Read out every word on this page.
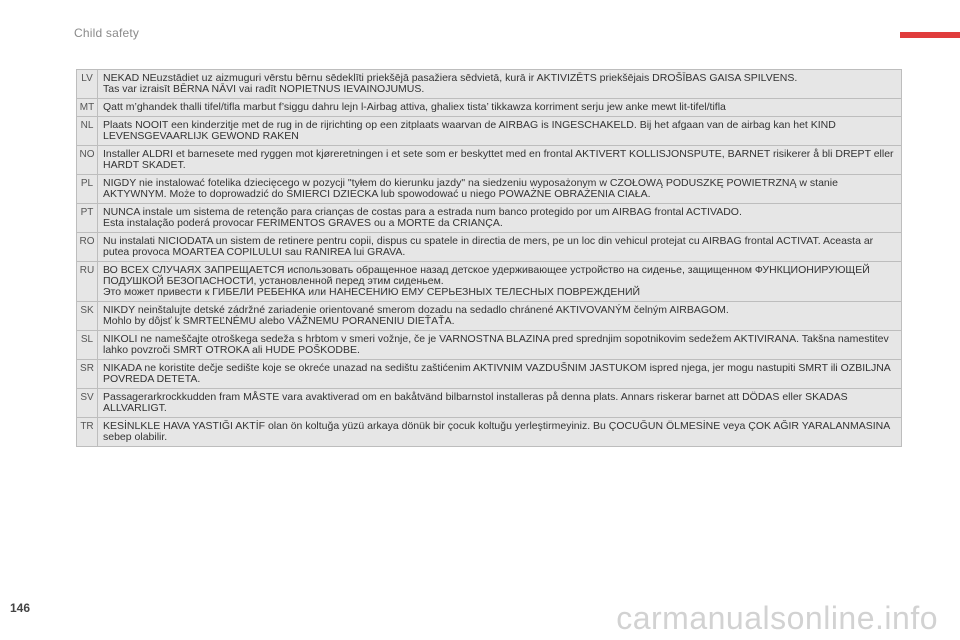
Child safety
LV	NEKAD NEuzstādiet uz aizmuguri vērstu bērnu sēdeklīti priekšējā pasažiera sēdvietā, kurā ir AKTIVIZĒTS priekšējais DROŠĪBAS GAISA SPILVENS.
Tas var izraisīt BĒRNA NĀVI vai radīt NOPIETNUS IEVAINOJUMUS.

MT	Qatt m’ghandek thalli tifel/tifla marbut f’siggu dahru lejn l-Airbag attiva, ghaliex tista’ tikkawza korriment serju jew anke mewt lit-tifel/tifla

NL	Plaats NOOIT een kinderzitje met de rug in de rijrichting op een zitplaats waarvan de AIRBAG is INGESCHAKELD. Bij het afgaan van de airbag kan het KIND LEVENSGEVAARLIJK GEWOND RAKEN

NO	Installer ALDRI et barnesete med ryggen mot kjøreretningen i et sete som er beskyttet med en frontal AKTIVERT KOLLISJONSPUTE, BARNET risikerer å bli DREPT eller HARDT SKADET.

PL	NIGDY nie instalować fotelika dziecięcego w pozycji "tyłem do kierunku jazdy" na siedzeniu wyposażonym w CZOŁOWĄ PODUSZKĘ POWIETRZNĄ w stanie AKTYWNYM. Może to doprowadzić do ŚMIERCI DZIECKA lub spowodować u niego POWAŻNE OBRAŻENIA CIAŁA.

PT	NUNCA instale um sistema de retenção para crianças de costas para a estrada num banco protegido por um AIRBAG frontal ACTIVADO.
Esta instalação poderá provocar FERIMENTOS GRAVES ou a MORTE da CRIANÇA.

RO	Nu instalati NICIODATA un sistem de retinere pentru copii, dispus cu spatele in directia de mers, pe un loc din vehicul protejat cu AIRBAG frontal ACTIVAT. Aceasta ar putea provoca MOARTEA COPILULUI sau RANIREA lui GRAVA.

RU	ВО ВСЕХ СЛУЧАЯХ ЗАПРЕЩАЕТСЯ использовать обращенное назад детское удерживающее устройство на сиденье, защищенном ФУНКЦИОНИРУЮЩЕЙ ПОДУШКОЙ БЕЗОПАСНОСТИ, установленной перед этим сиденьем.
Это может привести к ГИБЕЛИ РЕБЕНКА или НАНЕСЕНИЮ ЕМУ СЕРЬЕЗНЫХ ТЕЛЕСНЫХ ПОВРЕЖДЕНИЙ

SK	NIKDY neinštalujte detské zádržné zariadenie orientované smerom dozadu na sedadlo chránené AKTIVOVANÝM čelným AIRBAGOM.
Mohlo by dôjsť k SMRTEĽNÉMU alebo VÁŽNEMU PORANENIU DIEŤAŤA.

SL	NIKOLI ne nameščajte otroškega sedeža s hrbtom v smeri vožnje, če je VARNOSTNA BLAZINA pred sprednjim sopotnikovim sedežem AKTIVIRANA. Takšna namestitev lahko povzroči SMRT OTROKA ali HUDE POŠKODBE.

SR	NIKADA ne koristite dečje sedište koje se okreće unazad na sedištu zaštićenim AKTIVNIM VAZDUŠNIM JASTUKOM ispred njega, jer mogu nastupiti SMRT ili OZBILJNA POVREDA DETETA.

SV	Passagerarkrockkudden fram MÅSTE vara avaktiverad om en bakåtvänd bilbarnstol installeras på denna plats. Annars riskerar barnet att DÖDAS eller SKADAS ALLVARLIGT.

TR	KESİNLKLE HAVA YASTIĞI AKTİF olan ön koltuğa yüzü arkaya dönük bir çocuk koltuğu yerleştirmeyiniz. Bu ÇOCUĞUN ÖLMESİNE veya ÇOK AĞIR YARALANMASINA sebep olabilir.
146	carmanualsonline.info
